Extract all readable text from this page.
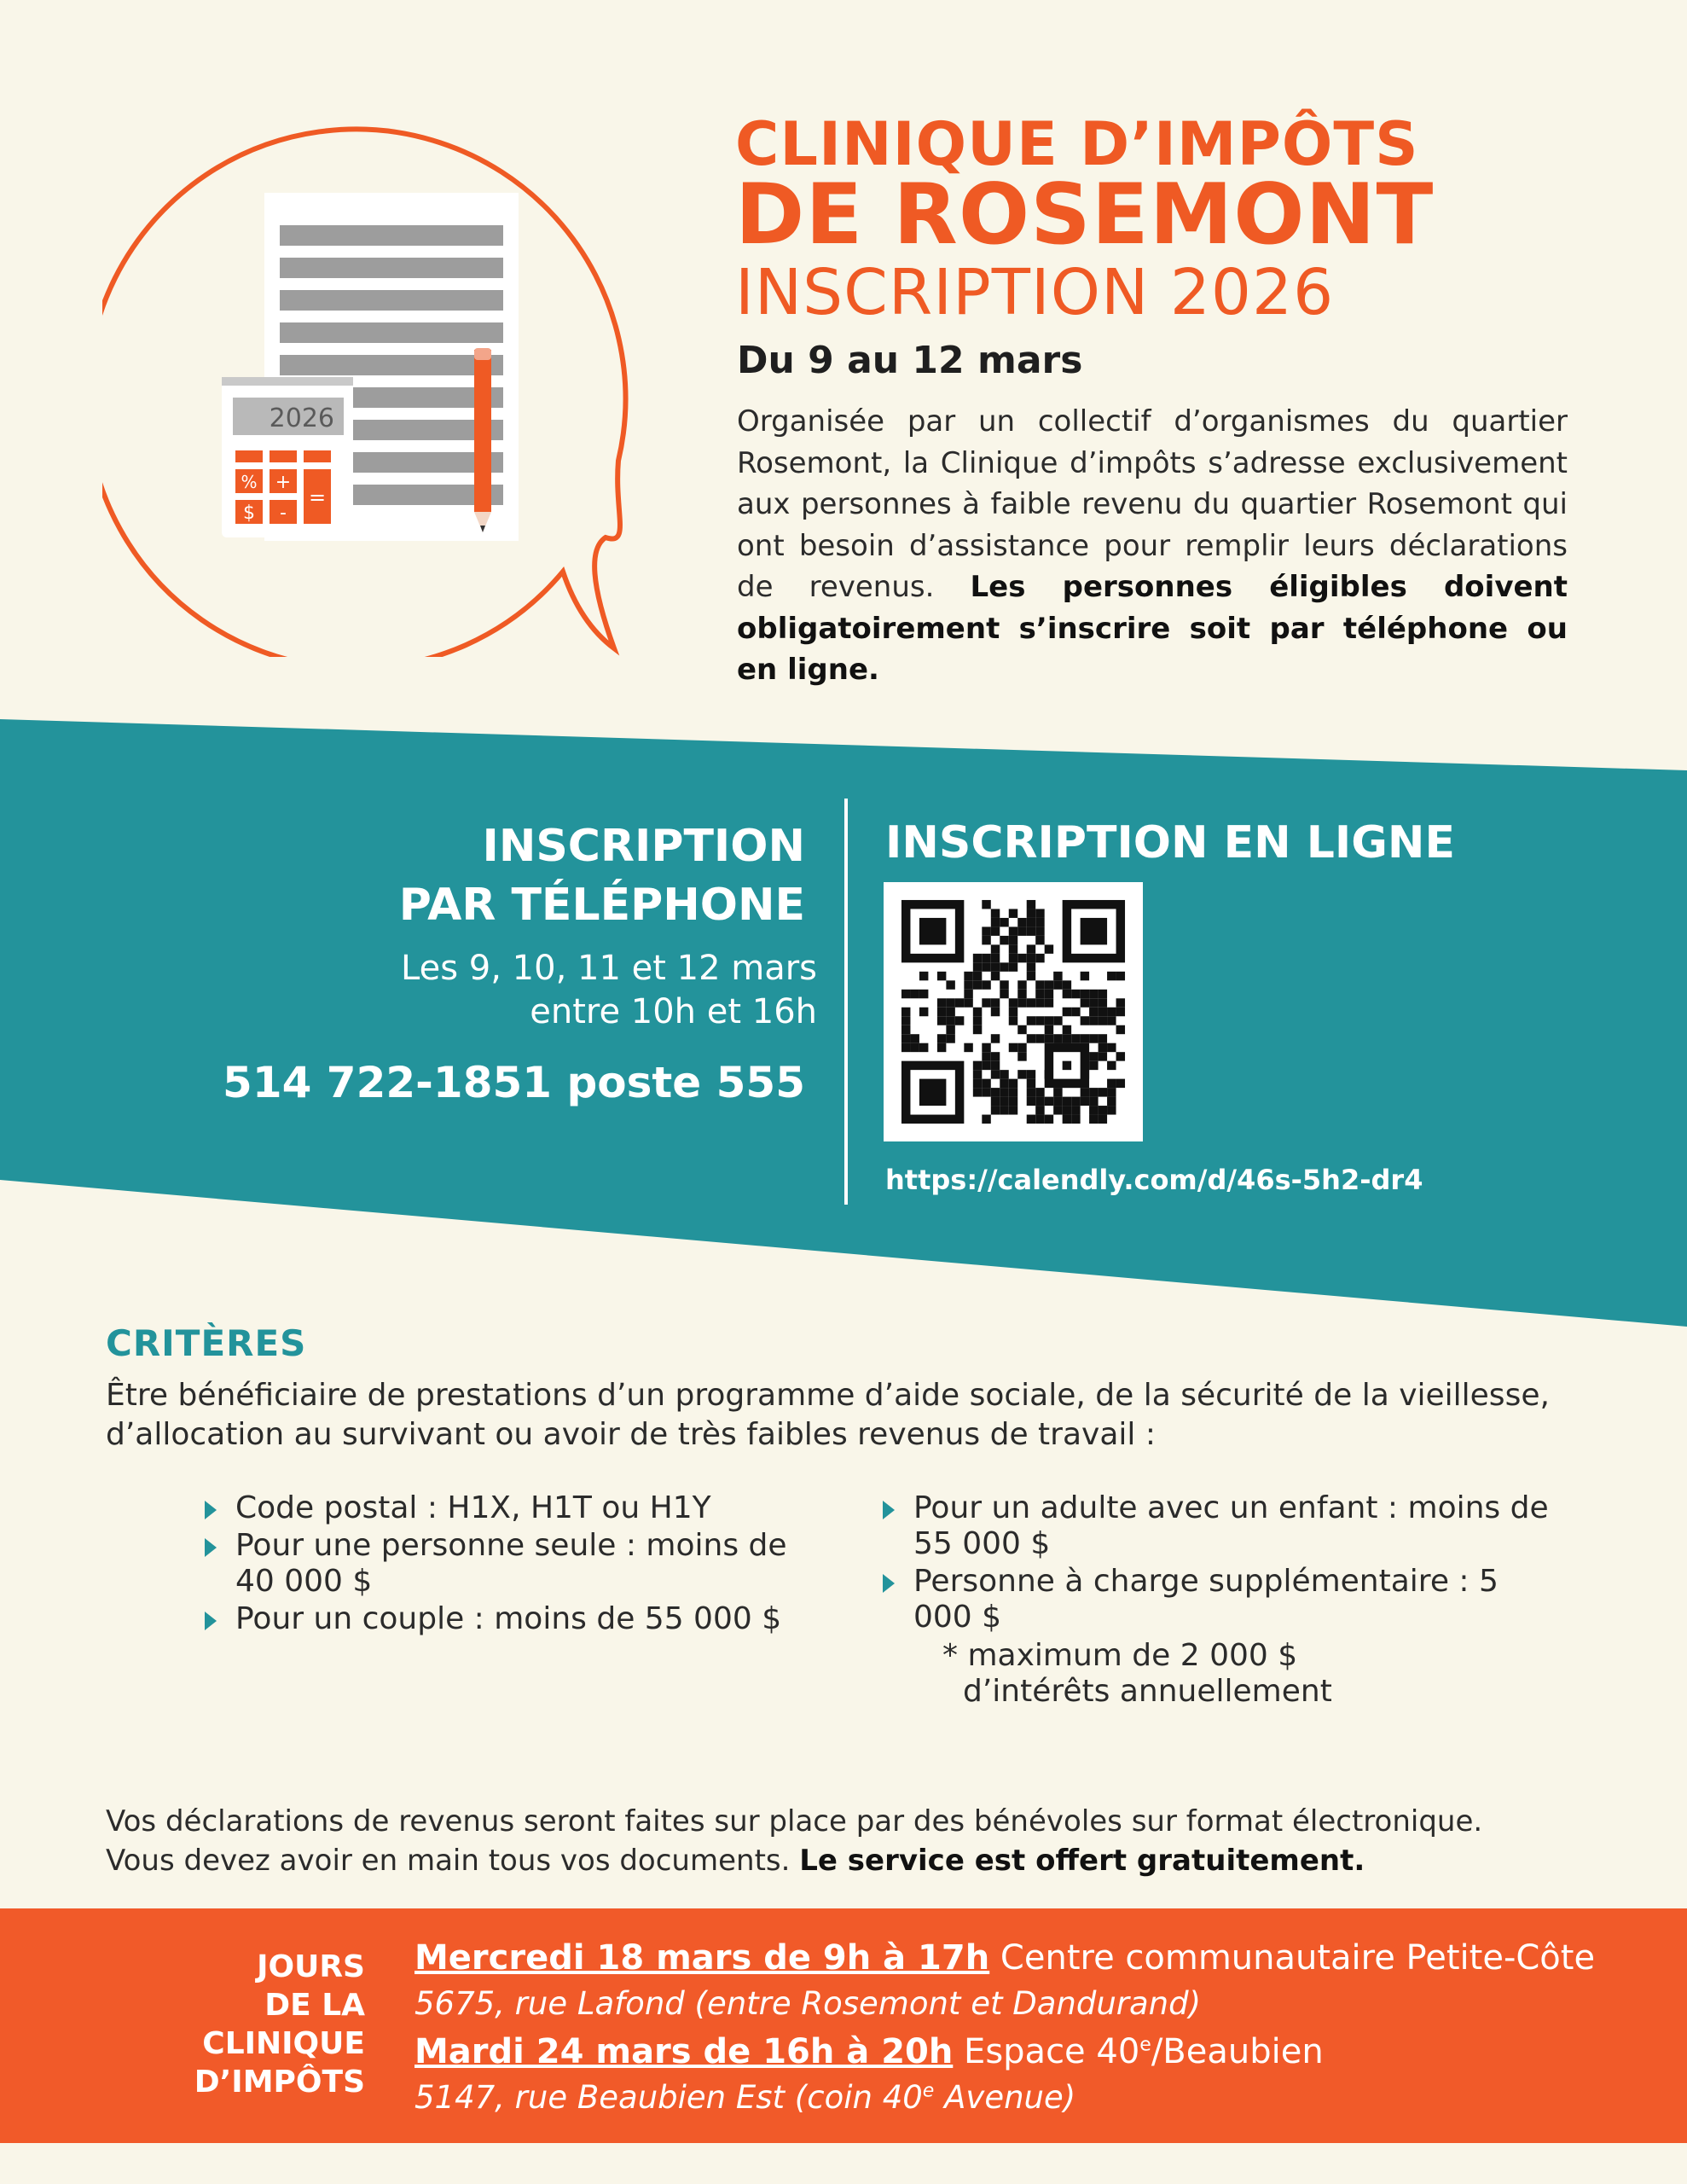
2026
% +
$ -
=
CLINIQUE D’IMPÔTS
DE ROSEMONT
INSCRIPTION 2026
Du 9 au 12 mars
Organisée par un collectif d’organismes du quartier Rosemont, la Clinique d’impôts s’adresse exclusivement aux personnes à faible revenu du quartier Rosemont qui ont besoin d’assistance pour remplir leurs déclarations de revenus. Les personnes éligibles doivent obligatoirement s’inscrire soit par téléphone ou en ligne.
INSCRIPTION
PAR TÉLÉPHONE
Les 9, 10, 11 et 12 mars
entre 10h et 16h
514 722-1851 poste 555
INSCRIPTION EN LIGNE
https://calendly.com/d/46s-5h2-dr4
CRITÈRES
Être bénéficiaire de prestations d’un programme d’aide sociale, de la sécurité de la vieillesse, d’allocation au survivant ou avoir de très faibles revenus de travail :
Code postal : H1X, H1T ou H1Y
Pour une personne seule : moins de 40 000 $
Pour un couple : moins de 55 000 $
Pour un adulte avec un enfant : moins de 55 000 $
Personne à charge supplémentaire : 5 000 $
* maximum de 2 000 $
d’intérêts annuellement
Vos déclarations de revenus seront faites sur place par des bénévoles sur format électronique.
Vous devez avoir en main tous vos documents. Le service est offert gratuitement.
JOURS
DE LA
CLINIQUE
D’IMPÔTS
Mercredi 18 mars de 9h à 17h Centre communautaire Petite-Côte
5675, rue Lafond (entre Rosemont et Dandurand)
Mardi 24 mars de 16h à 20h Espace 40e/Beaubien
5147, rue Beaubien Est (coin 40e Avenue)
